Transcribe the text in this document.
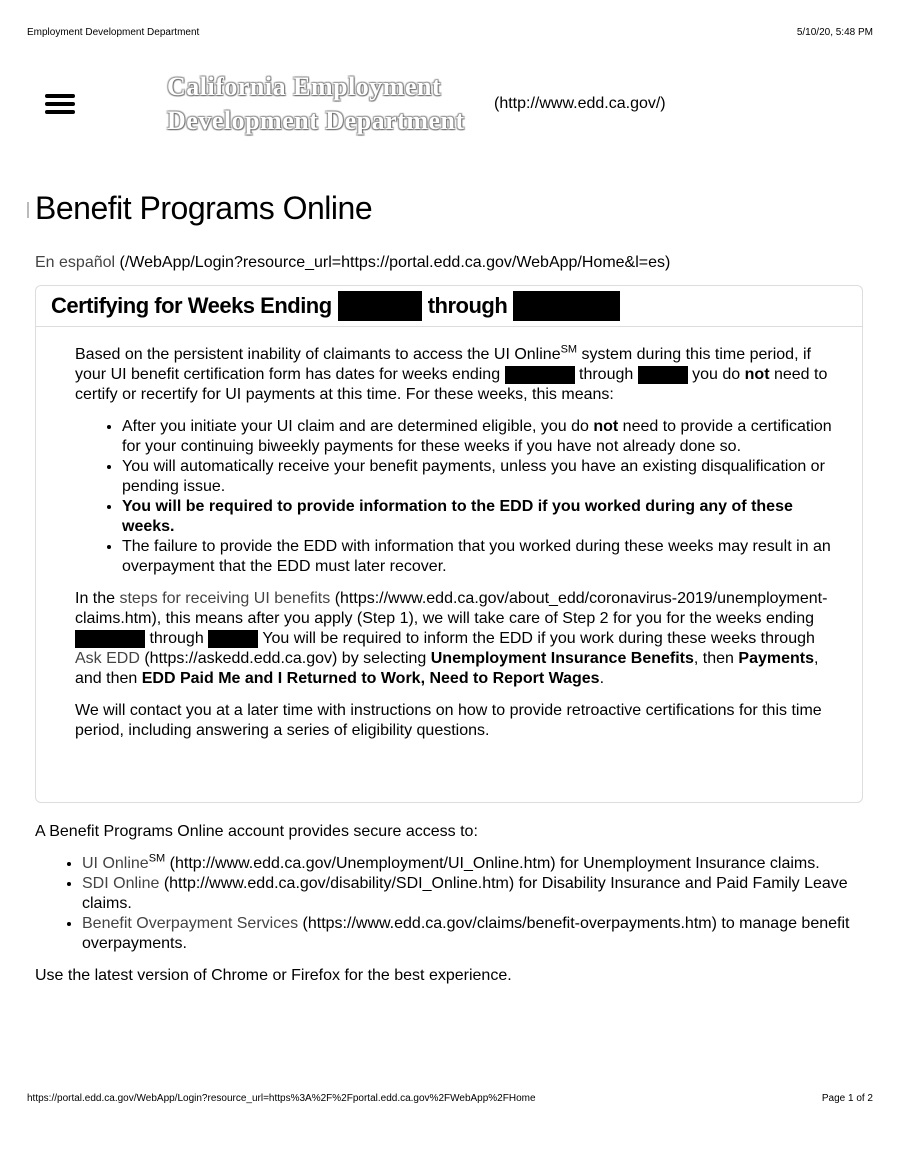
Employment Development Department	5/10/20, 5:48 PM
California Employment
Development Department
(http://www.edd.ca.gov/)
Benefit Programs Online
En español (/WebApp/Login?resource_url=https://portal.edd.ca.gov/WebApp/Home&l=es)
Certifying for Weeks Ending	through

Based on the persistent inability of claimants to access the UI Online℠ system during this time period, if your UI benefit certification form has dates for weeks ending	through	you do not need to certify or recertify for UI payments at this time. For these weeks, this means:

• After you initiate your UI claim and are determined eligible, you do not need to provide a certification for your continuing biweekly payments for these weeks if you have not already done so.
• You will automatically receive your benefit payments, unless you have an existing disqualification or pending issue.
• You will be required to provide information to the EDD if you worked during any of these weeks.
• The failure to provide the EDD with information that you worked during these weeks may result in an overpayment that the EDD must later recover.

In the steps for receiving UI benefits (https://www.edd.ca.gov/about_edd/coronavirus-2019/unemployment-claims.htm), this means after you apply (Step 1), we will take care of Step 2 for you for the weeks ending  through	You will be required to inform the EDD if you work during these weeks through Ask EDD (https://askedd.edd.ca.gov) by selecting Unemployment Insurance Benefits, then Payments, and then EDD Paid Me and I Returned to Work, Need to Report Wages.

We will contact you at a later time with instructions on how to provide retroactive certifications for this time period, including answering a series of eligibility questions.

A Benefit Programs Online account provides secure access to:

• UI Online℠ (http://www.edd.ca.gov/Unemployment/UI_Online.htm) for Unemployment Insurance claims.
• SDI Online (http://www.edd.ca.gov/disability/SDI_Online.htm) for Disability Insurance and Paid Family Leave claims.
• Benefit Overpayment Services (https://www.edd.ca.gov/claims/benefit-overpayments.htm) to manage benefit overpayments.

Use the latest version of Chrome or Firefox for the best experience.

https://portal.edd.ca.gov/WebApp/Login?resource_url=https%3A%2F%2Fportal.edd.ca.gov%2FWebApp%2FHome	Page 1 of 2
